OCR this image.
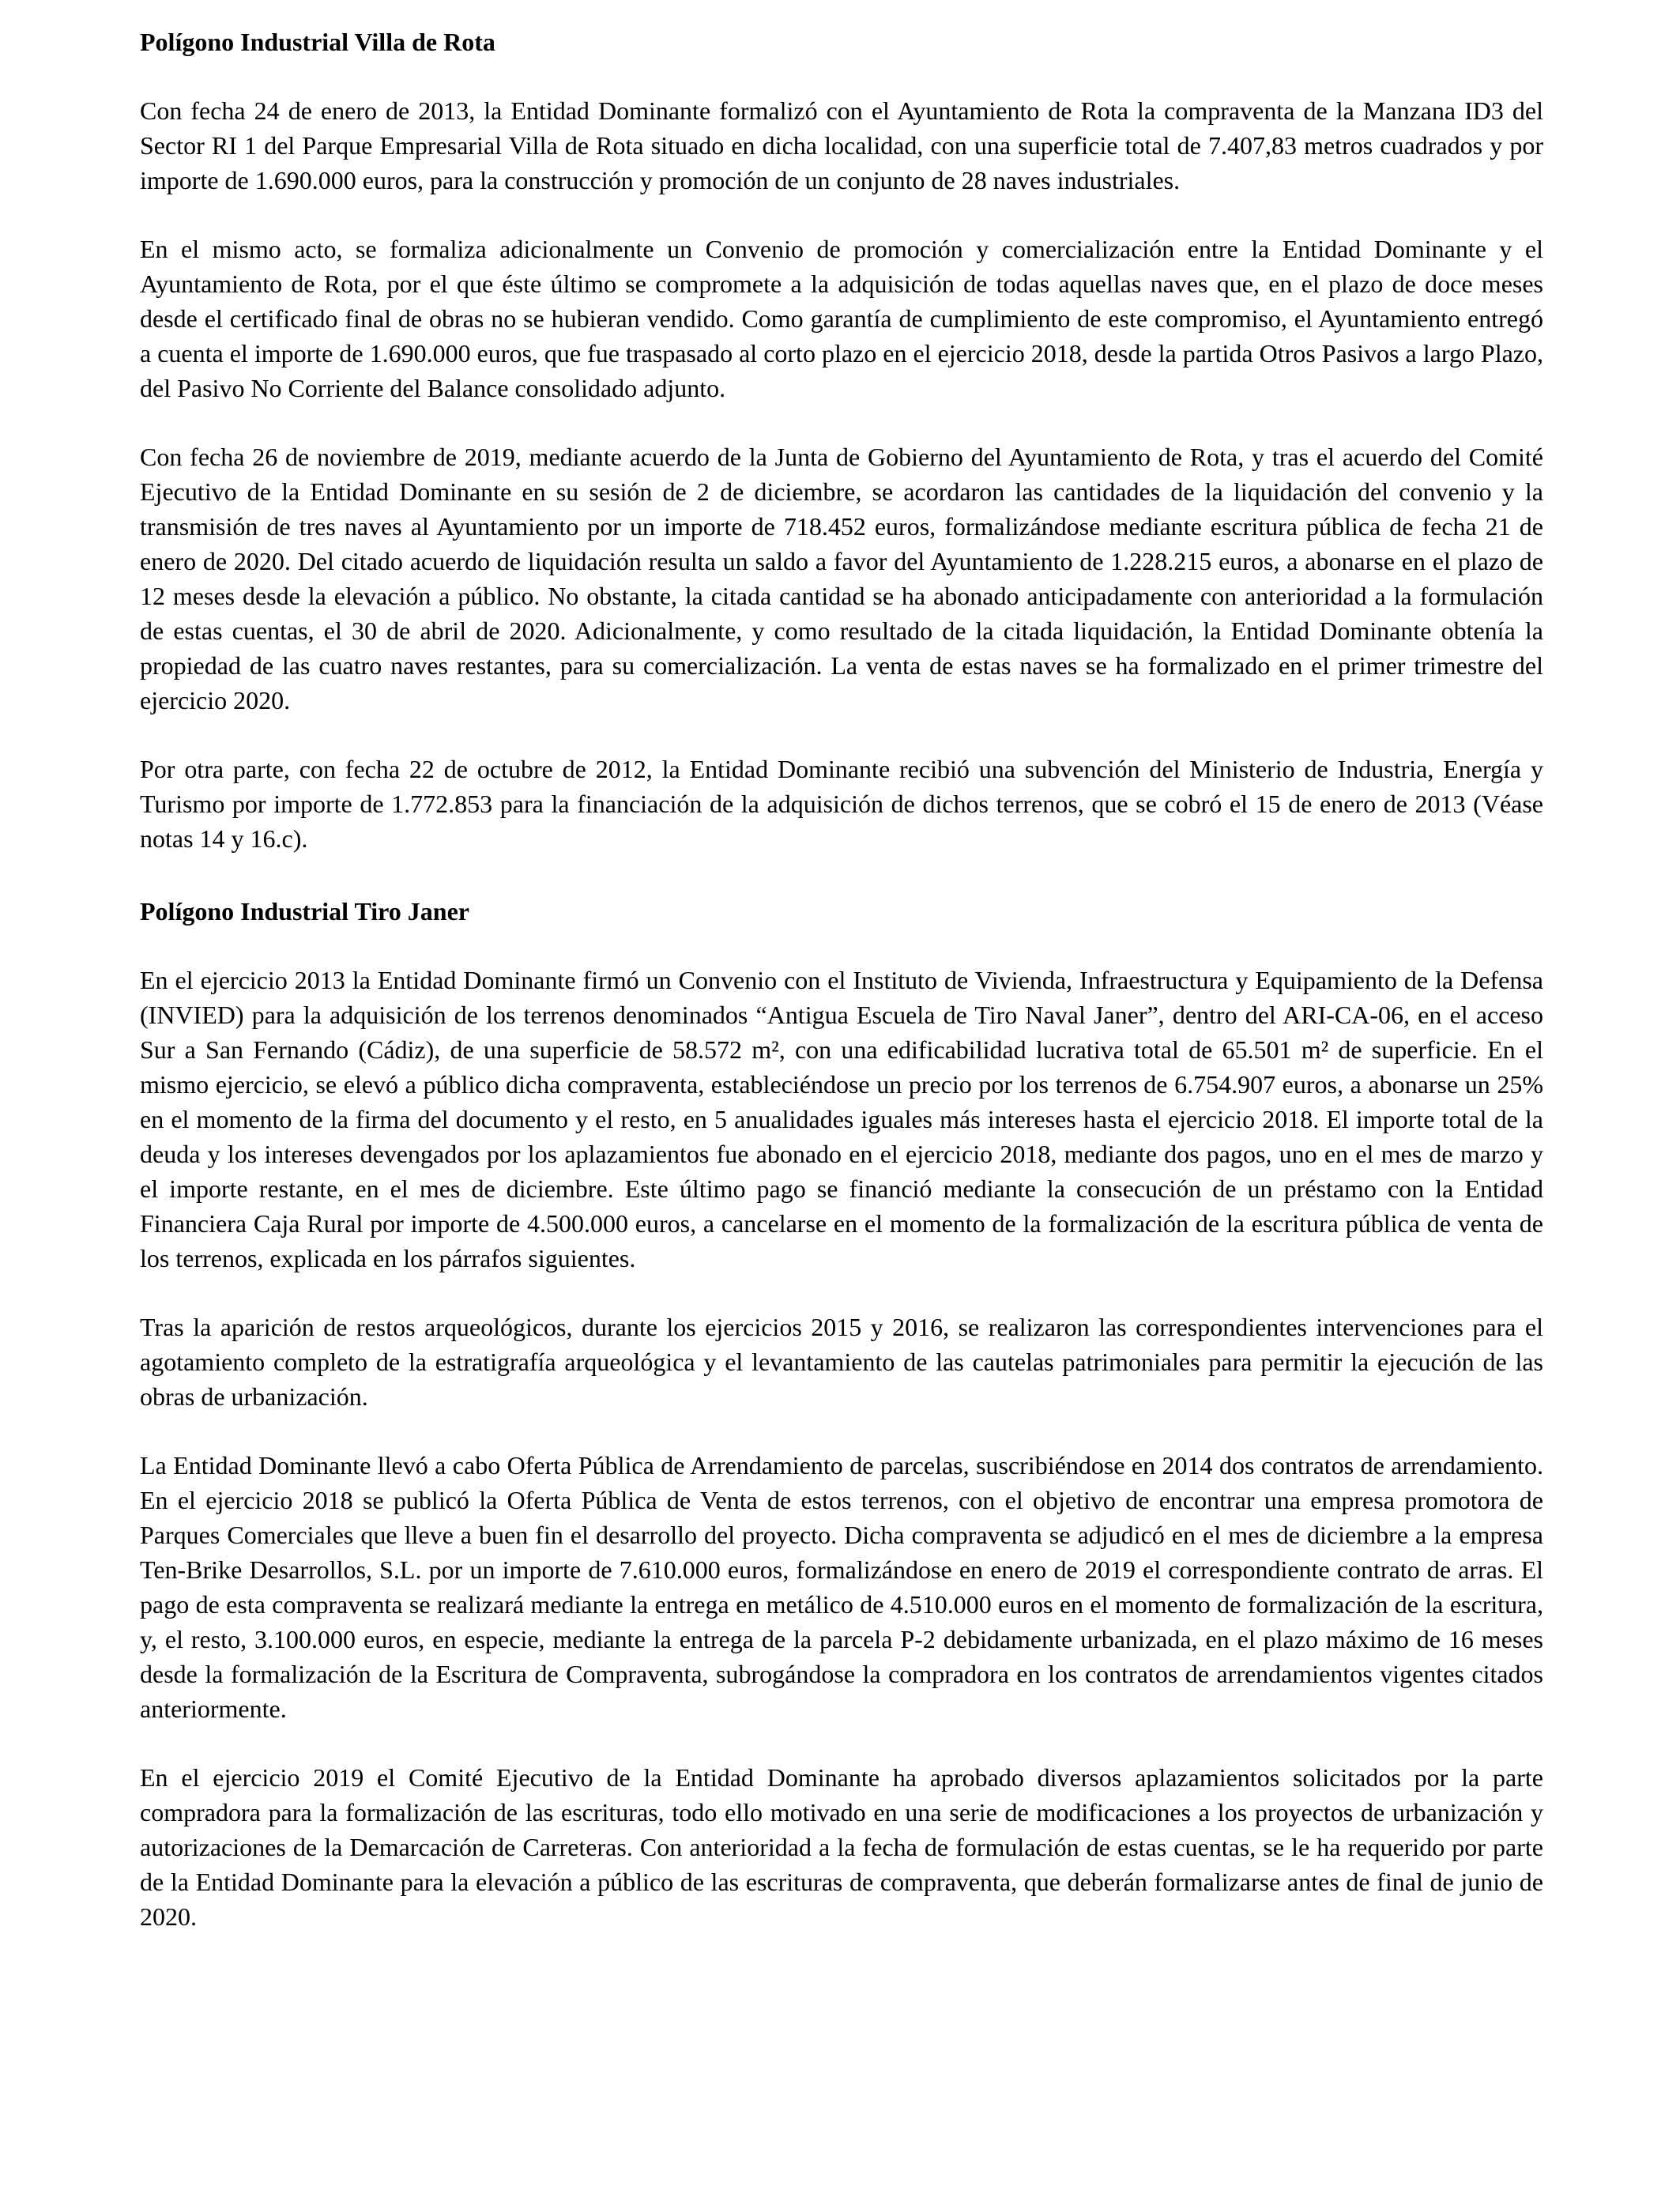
Polígono Industrial Villa de Rota

Con fecha 24 de enero de 2013, la Entidad Dominante formalizó con el Ayuntamiento de Rota la compraventa de la Manzana ID3 del Sector RI 1 del Parque Empresarial Villa de Rota situado en dicha localidad, con una superficie total de 7.407,83 metros cuadrados y por importe de 1.690.000 euros, para la construcción y promoción de un conjunto de 28 naves industriales.

En el mismo acto, se formaliza adicionalmente un Convenio de promoción y comercialización entre la Entidad Dominante y el Ayuntamiento de Rota, por el que éste último se compromete a la adquisición de todas aquellas naves que, en el plazo de doce meses desde el certificado final de obras no se hubieran vendido. Como garantía de cumplimiento de este compromiso, el Ayuntamiento entregó a cuenta el importe de 1.690.000 euros, que fue traspasado al corto plazo en el ejercicio 2018, desde la partida Otros Pasivos a largo Plazo, del Pasivo No Corriente del Balance consolidado adjunto.

Con fecha 26 de noviembre de 2019, mediante acuerdo de la Junta de Gobierno del Ayuntamiento de Rota, y tras el acuerdo del Comité Ejecutivo de la Entidad Dominante en su sesión de 2 de diciembre, se acordaron las cantidades de la liquidación del convenio y la transmisión de tres naves al Ayuntamiento por un importe de 718.452 euros, formalizándose mediante escritura pública de fecha 21 de enero de 2020. Del citado acuerdo de liquidación resulta un saldo a favor del Ayuntamiento de 1.228.215 euros, a abonarse en el plazo de 12 meses desde la elevación a público. No obstante, la citada cantidad se ha abonado anticipadamente con anterioridad a la formulación de estas cuentas, el 30 de abril de 2020. Adicionalmente, y como resultado de la citada liquidación, la Entidad Dominante obtenía la propiedad de las cuatro naves restantes, para su comercialización. La venta de estas naves se ha formalizado en el primer trimestre del ejercicio 2020.

Por otra parte, con fecha 22 de octubre de 2012, la Entidad Dominante recibió una subvención del Ministerio de Industria, Energía y Turismo por importe de 1.772.853 para la financiación de la adquisición de dichos terrenos, que se cobró el 15 de enero de 2013 (Véase notas 14 y 16.c).

Polígono Industrial Tiro Janer

En el ejercicio 2013 la Entidad Dominante firmó un Convenio con el Instituto de Vivienda, Infraestructura y Equipamiento de la Defensa (INVIED) para la adquisición de los terrenos denominados “Antigua Escuela de Tiro Naval Janer”, dentro del ARI-CA-06, en el acceso Sur a San Fernando (Cádiz), de una superficie de 58.572 m², con una edificabilidad lucrativa total de 65.501 m² de superficie. En el mismo ejercicio, se elevó a público dicha compraventa, estableciéndose un precio por los terrenos de 6.754.907 euros, a abonarse un 25% en el momento de la firma del documento y el resto, en 5 anualidades iguales más intereses hasta el ejercicio 2018. El importe total de la deuda y los intereses devengados por los aplazamientos fue abonado en el ejercicio 2018, mediante dos pagos, uno en el mes de marzo y el importe restante, en el mes de diciembre. Este último pago se financió mediante la consecución de un préstamo con la Entidad Financiera Caja Rural por importe de 4.500.000 euros, a cancelarse en el momento de la formalización de la escritura pública de venta de los terrenos, explicada en los párrafos siguientes.

Tras la aparición de restos arqueológicos, durante los ejercicios 2015 y 2016, se realizaron las correspondientes intervenciones para el agotamiento completo de la estratigrafía arqueológica y el levantamiento de las cautelas patrimoniales para permitir la ejecución de las obras de urbanización.

La Entidad Dominante llevó a cabo Oferta Pública de Arrendamiento de parcelas, suscribiéndose en 2014 dos contratos de arrendamiento. En el ejercicio 2018 se publicó la Oferta Pública de Venta de estos terrenos, con el objetivo de encontrar una empresa promotora de Parques Comerciales que lleve a buen fin el desarrollo del proyecto. Dicha compraventa se adjudicó en el mes de diciembre a la empresa Ten-Brike Desarrollos, S.L. por un importe de 7.610.000 euros, formalizándose en enero de 2019 el correspondiente contrato de arras. El pago de esta compraventa se realizará mediante la entrega en metálico de 4.510.000 euros en el momento de formalización de la escritura, y, el resto, 3.100.000 euros, en especie, mediante la entrega de la parcela P-2 debidamente urbanizada, en el plazo máximo de 16 meses desde la formalización de la Escritura de Compraventa, subrogándose la compradora en los contratos de arrendamientos vigentes citados anteriormente.

En el ejercicio 2019 el Comité Ejecutivo de la Entidad Dominante ha aprobado diversos aplazamientos solicitados por la parte compradora para la formalización de las escrituras, todo ello motivado en una serie de modificaciones a los proyectos de urbanización y autorizaciones de la Demarcación de Carreteras. Con anterioridad a la fecha de formulación de estas cuentas, se le ha requerido por parte de la Entidad Dominante para la elevación a público de las escrituras de compraventa, que deberán formalizarse antes de final de junio de 2020.
